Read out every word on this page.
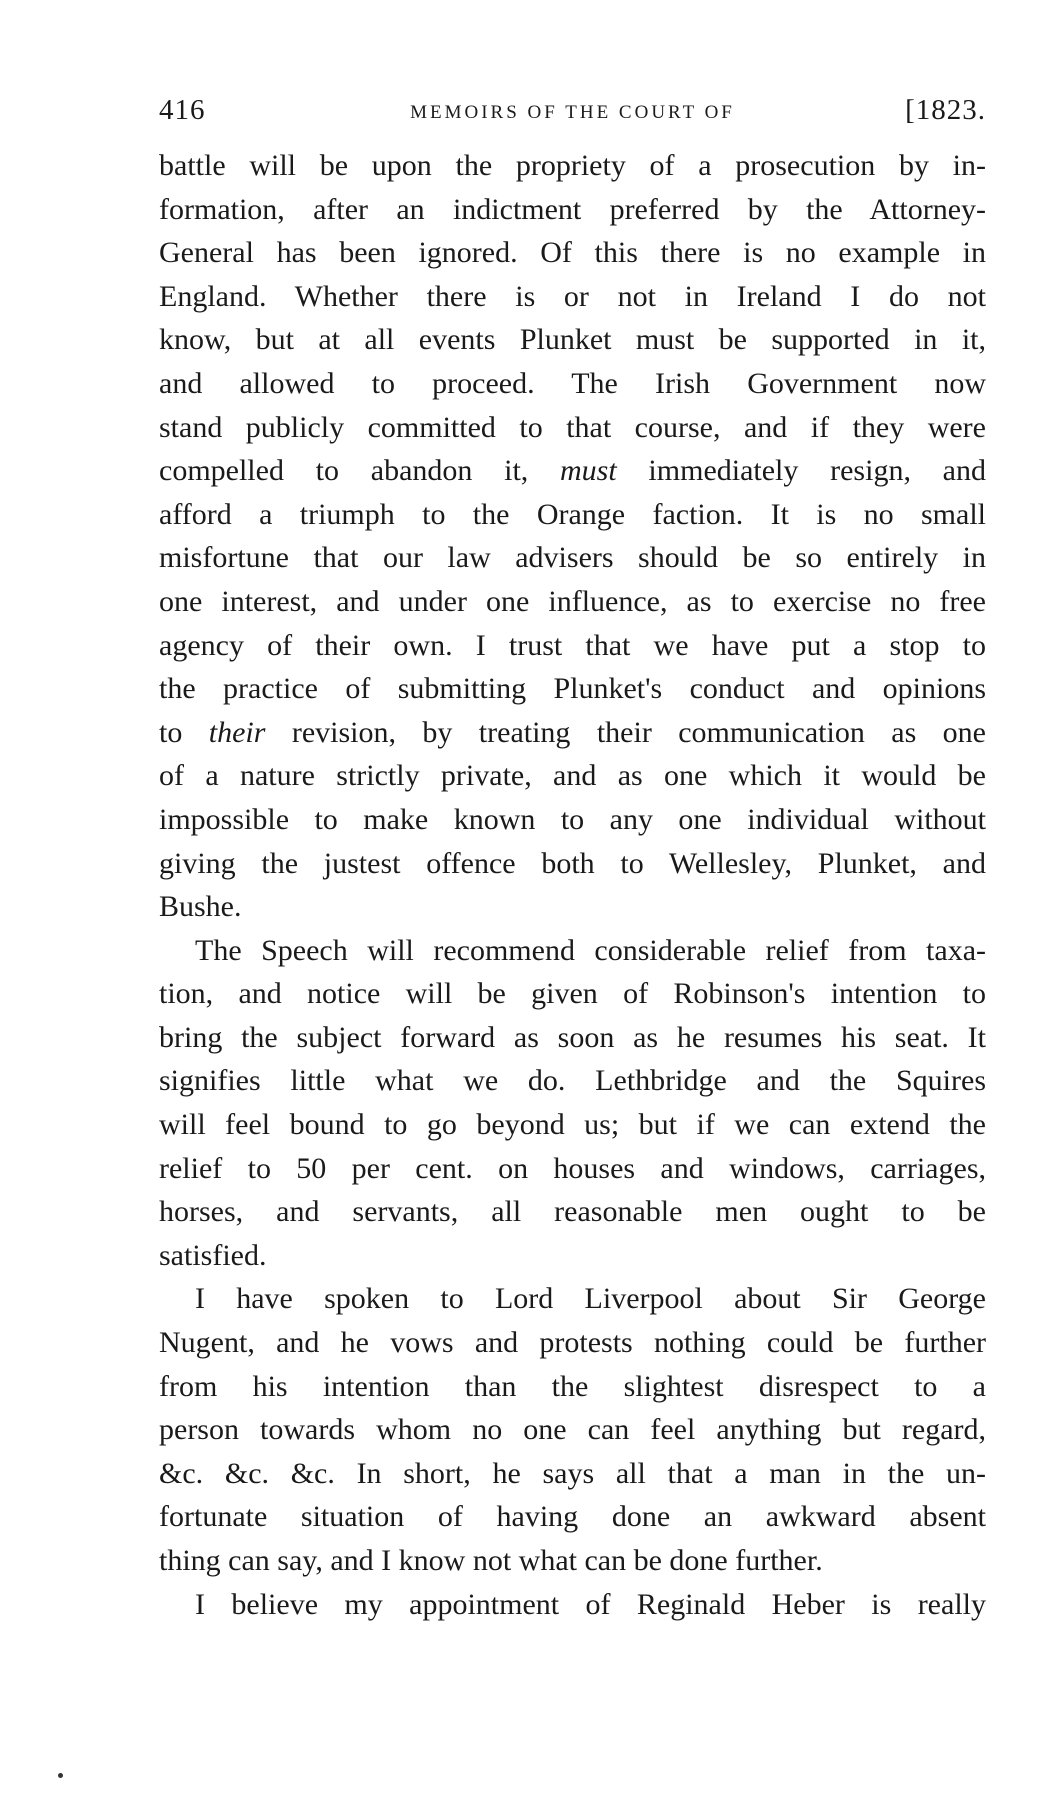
416	MEMOIRS OF THE COURT OF	[1823.
battle will be upon the propriety of a prosecution by in-
formation, after an indictment preferred by the Attorney-
General has been ignored. Of this there is no example in
England. Whether there is or not in Ireland I do not
know, but at all events Plunket must be supported in it,
and allowed to proceed. The Irish Government now
stand publicly committed to that course, and if they were
compelled to abandon it, must immediately resign, and
afford a triumph to the Orange faction. It is no small
misfortune that our law advisers should be so entirely in
one interest, and under one influence, as to exercise no free
agency of their own. I trust that we have put a stop to
the practice of submitting Plunket's conduct and opinions
to their revision, by treating their communication as one
of a nature strictly private, and as one which it would be
impossible to make known to any one individual without
giving the justest offence both to Wellesley, Plunket, and
Bushe.
The Speech will recommend considerable relief from taxa-
tion, and notice will be given of Robinson's intention to
bring the subject forward as soon as he resumes his seat. It
signifies little what we do. Lethbridge and the Squires
will feel bound to go beyond us; but if we can extend the
relief to 50 per cent. on houses and windows, carriages,
horses, and servants, all reasonable men ought to be
satisfied.
I have spoken to Lord Liverpool about Sir George
Nugent, and he vows and protests nothing could be further
from his intention than the slightest disrespect to a
person towards whom no one can feel anything but regard,
&c. &c. &c. In short, he says all that a man in the un-
fortunate situation of having done an awkward absent
thing can say, and I know not what can be done further.
I believe my appointment of Reginald Heber is really
